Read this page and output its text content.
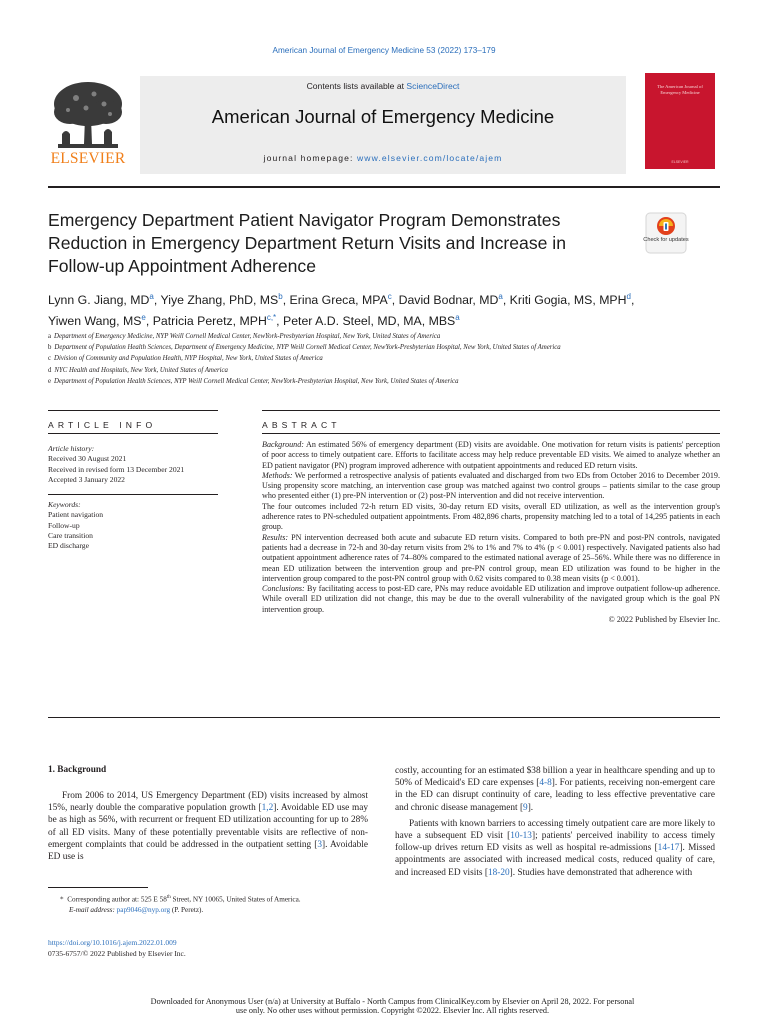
American Journal of Emergency Medicine 53 (2022) 173–179
ELSEVIER
Contents lists available at ScienceDirect
American Journal of Emergency Medicine
journal homepage: www.elsevier.com/locate/ajem
The American Journal of Emergency Medicine
ELSEVIER
Emergency Department Patient Navigator Program Demonstrates Reduction in Emergency Department Return Visits and Increase in Follow-up Appointment Adherence
Check for updates
Lynn G. Jiang, $MD^a$, Yiye Zhang, PhD, $MS^b$, Erina Greca, MPA$^c$, David Bodnar, $MD^a$, Kriti Gogia, MS, MPH$^d$,
Yiwen Wang, $MS^e$, Patricia Peretz, $MPH^{c,*}$, Peter A.D. Steel, MD, MA, MBS$^a$
a Department of Emergency Medicine, NYP Weill Cornell Medical Center, NewYork-Presbyterian Hospital, New York, United States of America
b Department of Population Health Sciences, Department of Emergency Medicine, NYP Weill Cornell Medical Center, NewYork-Presbyterian Hospital, New York, United States of America
c Division of Community and Population Health, NYP Hospital, New York, United States of America
d NYC Health and Hospitals, New York, United States of America
e Department of Population Health Sciences, NYP Weill Cornell Medical Center, NewYork-Presbyterian Hospital, New York, United States of America
ARTICLE INFO	ABSTRACT
Article history:
Received 30 August 2021
Received in revised form 13 December 2021
Accepted 3 January 2022
Keywords:
Patient navigation
Follow-up
Care transition
ED discharge

Background: An estimated 56% of emergency department (ED) visits are avoidable. One motivation for return visits is patients' perception of poor access to timely outpatient care. Efforts to facilitate access may help reduce preventable ED visits. We aimed to analyze whether an ED patient navigator (PN) program improved adherence with outpatient appointments and reduced ED return visits.

Methods: We performed a retrospective analysis of patients evaluated and discharged from two EDs from October 2016 to December 2019. Using propensity score matching, an intervention case group was matched against two control groups – patients similar to the case group who presented either (1) pre-PN intervention or (2) post-PN intervention and did not receive intervention.

The four outcomes included 72-h return ED visits, 30-day return ED visits, overall ED utilization, as well as the intervention group's adherence rates to PN-scheduled outpatient appointments. From 482,896 charts, propensity matching led to a total of 14,295 patients in each group.

Results: PN intervention decreased both acute and subacute ED return visits. Compared to both pre-PN and post-PN controls, navigated patients had a decrease in 72-h and 30-day return visits from 2% to 1% and 7% to 4% (p < 0.001) respectively. Navigated patients also had outpatient appointment adherence rates of 74–80% compared to the estimated national average of 25–56%. While there was no difference in mean ED utilization between the intervention group and pre-PN control group, mean ED utilization was found to be higher in the intervention group compared to the post-PN control group with 0.62 visits compared to 0.38 mean visits (p < 0.001).

Conclusions: By facilitating access to post-ED care, PNs may reduce avoidable ED utilization and improve outpatient follow-up adherence. While overall ED utilization did not change, this may be due to the overall vulnerability of the navigated group which is the goal PN intervention group.

© 2022 Published by Elsevier Inc.

1. Background

From 2006 to 2014, US Emergency Department (ED) visits increased by almost 15%, nearly double the comparative population growth [1,2]. Avoidable ED use may be as high as 56%, with recurrent or frequent ED utilization accounting for up to 28% of all ED visits. Many of these potentially preventable visits are reflective of non-emergent complaints that could be addressed in the outpatient setting [3]. Avoidable ED use is

costly, accounting for an estimated $38 billion a year in healthcare spending and up to 50% of Medicaid's ED care expenses [4-8]. For patients, receiving non-emergent care in the ED can disrupt continuity of care, leading to less effective preventative care and chronic disease management [9].

Patients with known barriers to accessing timely outpatient care are more likely to have a subsequent ED visit [10-13]; patients' perceived inability to access timely follow-up drives return ED visits as well as hospital re-admissions [14-17]. Missed appointments are associated with increased medical costs, reduced quality of care, and increased ED visits [18-20]. Studies have demonstrated that adherence with

* Corresponding author at: 525 E 58th Street, NY 10065, United States of America.
E-mail address: pap9046@nyp.org (P. Peretz).
https://doi.org/10.1016/j.ajem.2022.01.009
0735-6757/© 2022 Published by Elsevier Inc.
Downloaded for Anonymous User (n/a) at University at Buffalo - North Campus from ClinicalKey.com by Elsevier on April 28, 2022. For personal use only. No other uses without permission. Copyright ©2022. Elsevier Inc. All rights reserved.
